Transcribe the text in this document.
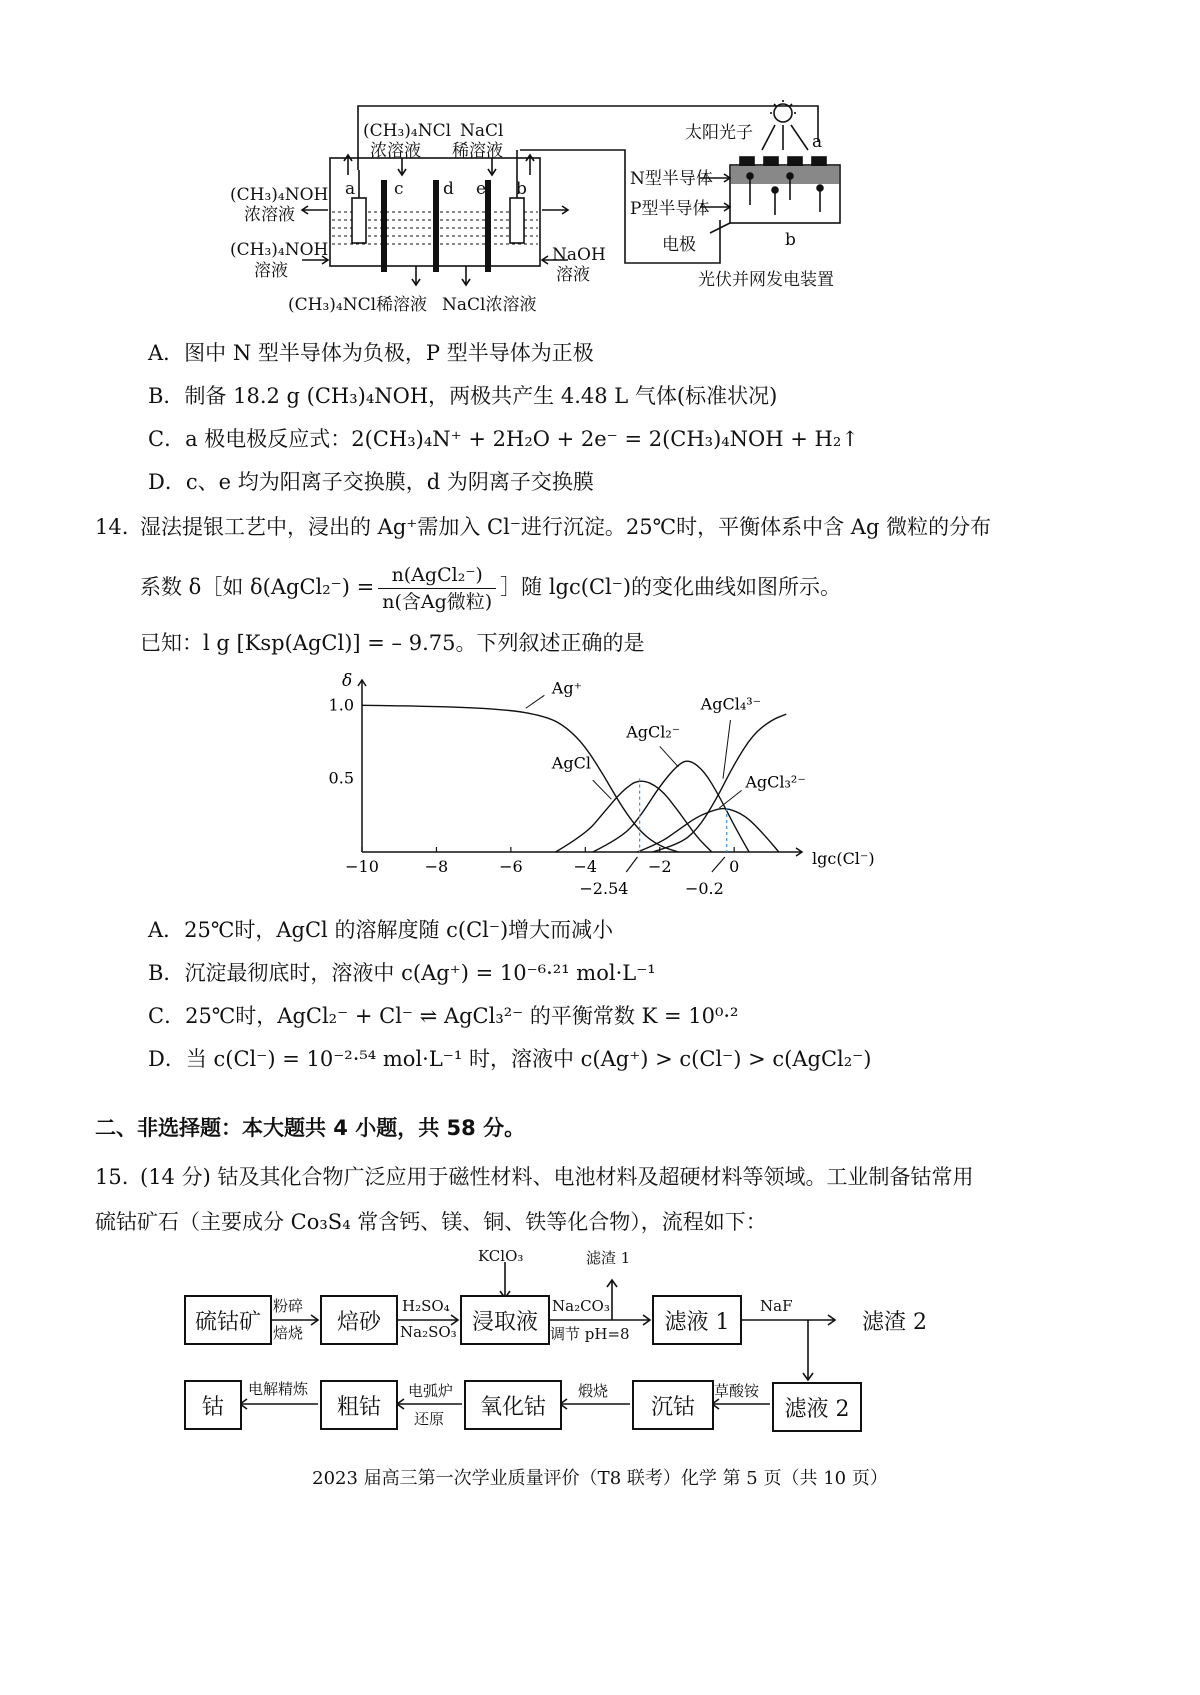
a c d e b
(CH₃)₄NCl
浓溶液
NaCl
稀溶液
(CH₃)₄NOH
浓溶液
(CH₃)₄NOH
溶液
NaOH
溶液
(CH₃)₄NCl稀溶液 NaCl浓溶液
太阳光子
N型半导体
P型半导体
电极
a
b
光伏并网发电装置
A．图中 N 型半导体为负极，P 型半导体为正极
B．制备 18.2 g (CH₃)₄NOH，两极共产生 4.48 L 气体(标准状况)
C．a 极电极反应式：2(CH₃)₄N⁺ + 2H₂O + 2e⁻ = 2(CH₃)₄NOH + H₂↑
D．c、e 均为阳离子交换膜，d 为阴离子交换膜
14. 湿法提银工艺中，浸出的 Ag⁺需加入 Cl⁻进行沉淀。25℃时，平衡体系中含 Ag 微粒的分布
系数 δ［如 δ(AgCl₂⁻) = $\frac{\text{n(AgCl₂⁻)}}{\text{n(含Ag微粒)}}$ ］随 lgc(Cl⁻)的变化曲线如图所示。
已知：l g [Ksp(AgCl)] = – 9.75。下列叙述正确的是
δ
lgc(Cl⁻)
−10	−8	−6	−4	−2	0
0.5
1.0
−2.54	−0.2
Ag⁺
AgCl
AgCl₂⁻
AgCl₃²⁻
AgCl₄³⁻
A．25℃时，AgCl 的溶解度随 c(Cl⁻)增大而减小
B．沉淀最彻底时，溶液中 c(Ag⁺) = 10⁻⁶·²¹ mol·L⁻¹
C．25℃时，AgCl₂⁻ + Cl⁻ ⇌ AgCl₃²⁻ 的平衡常数 K = 10⁰·²
D．当 c(Cl⁻) = 10⁻²·⁵⁴ mol·L⁻¹ 时，溶液中 c(Ag⁺) > c(Cl⁻) > c(AgCl₂⁻)
二、非选择题：本大题共 4 小题，共 58 分。
15. (14 分) 钴及其化合物广泛应用于磁性材料、电池材料及超硬材料等领域。工业制备钴常用
硫钴矿石（主要成分 Co₃S₄ 常含钙、镁、铜、铁等化合物），流程如下：
硫钴矿	焙砂	浸取液	滤液 1	滤渣 2
钴	粗钴	氧化钴	沉钴	滤液 2
粉碎
焙烧
H₂SO₄
Na₂SO₃
KClO₃	滤渣 1
Na₂CO₃
调节 pH=8
NaF
草酸铵
煅烧
电弧炉
还原
电解精炼
2023 届高三第一次学业质量评价（T8 联考）化学 第 5 页（共 10 页）
